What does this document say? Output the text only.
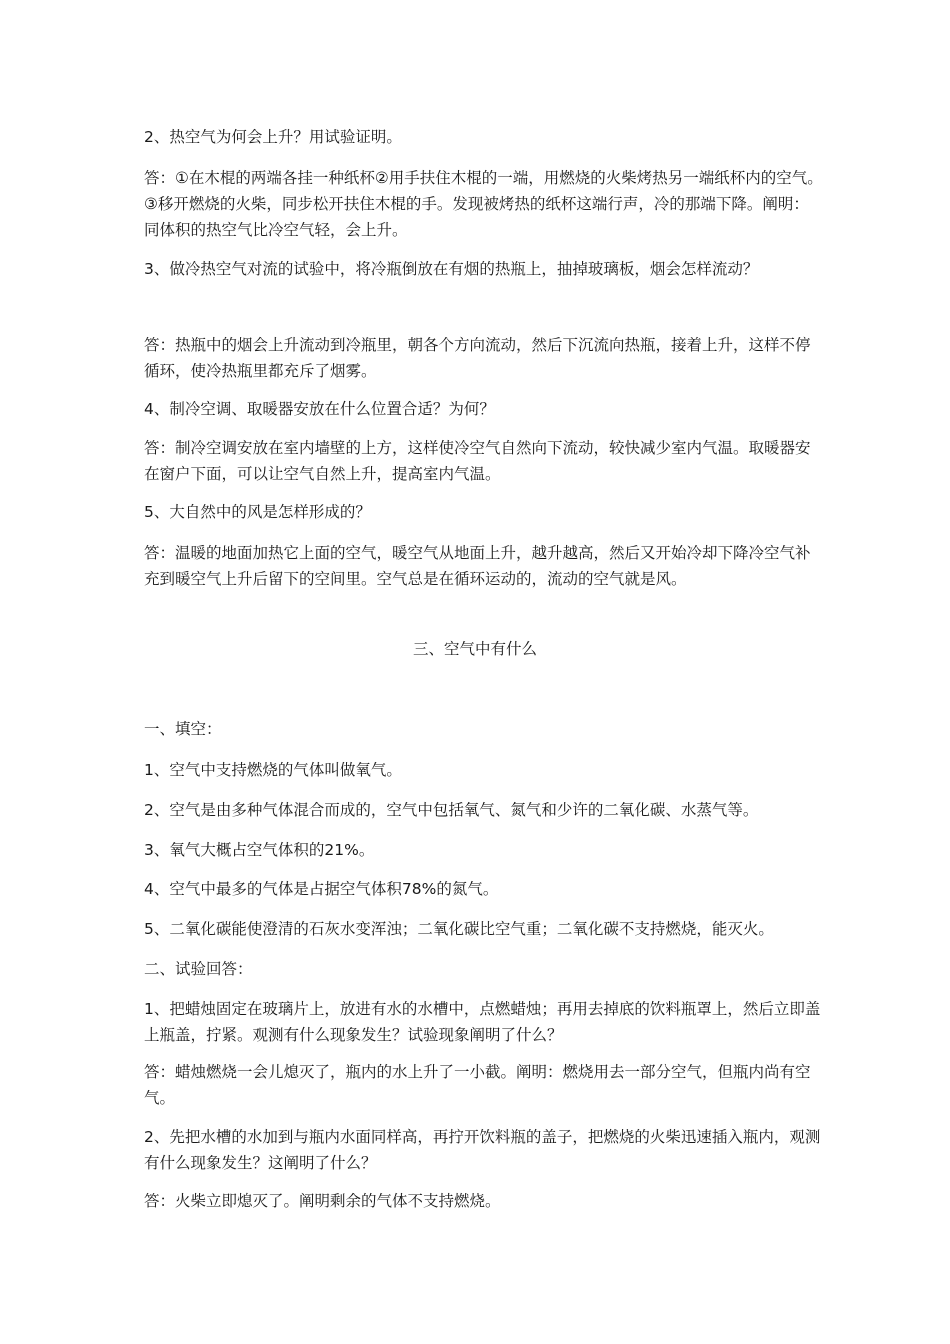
2、热空气为何会上升？用试验证明。

答：①在木棍的两端各挂一种纸杯②用手扶住木棍的一端，用燃烧的火柴烤热另一端纸杯内的空气。③移开燃烧的火柴，同步松开扶住木棍的手。发现被烤热的纸杯这端行声，冷的那端下降。阐明：同体积的热空气比冷空气轻，会上升。

3、做冷热空气对流的试验中，将冷瓶倒放在有烟的热瓶上，抽掉玻璃板，烟会怎样流动？

答：热瓶中的烟会上升流动到冷瓶里，朝各个方向流动，然后下沉流向热瓶，接着上升，这样不停循环，使冷热瓶里都充斥了烟雾。

4、制冷空调、取暖器安放在什么位置合适？为何？

答：制冷空调安放在室内墙壁的上方，这样使冷空气自然向下流动，较快减少室内气温。取暖器安在窗户下面，可以让空气自然上升，提高室内气温。

5、大自然中的风是怎样形成的？

答：温暖的地面加热它上面的空气，暖空气从地面上升，越升越高，然后又开始冷却下降冷空气补充到暖空气上升后留下的空间里。空气总是在循环运动的，流动的空气就是风。

三、空气中有什么

一、填空：

1、空气中支持燃烧的气体叫做氧气。

2、空气是由多种气体混合而成的，空气中包括氧气、氮气和少许的二氧化碳、水蒸气等。

3、氧气大概占空气体积的21%。

4、空气中最多的气体是占据空气体积78%的氮气。

5、二氧化碳能使澄清的石灰水变浑浊；二氧化碳比空气重；二氧化碳不支持燃烧，能灭火。

二、试验回答：

1、把蜡烛固定在玻璃片上，放进有水的水槽中，点燃蜡烛；再用去掉底的饮料瓶罩上，然后立即盖上瓶盖，拧紧。观测有什么现象发生？试验现象阐明了什么？

答：蜡烛燃烧一会儿熄灭了，瓶内的水上升了一小截。阐明：燃烧用去一部分空气，但瓶内尚有空气。

2、先把水槽的水加到与瓶内水面同样高，再拧开饮料瓶的盖子，把燃烧的火柴迅速插入瓶内，观测有什么现象发生？这阐明了什么？

答：火柴立即熄灭了。阐明剩余的气体不支持燃烧。
